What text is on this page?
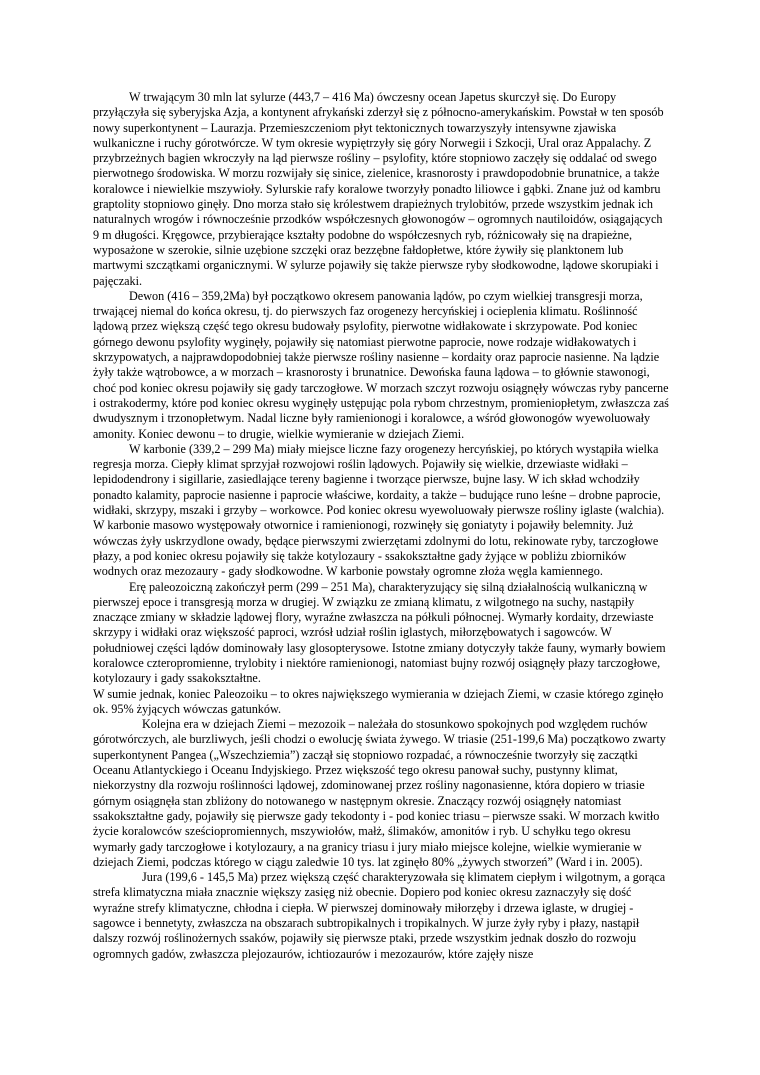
W trwającym 30 mln lat sylurze (443,7 – 416 Ma) ówczesny ocean Japetus skurczył się. Do Europy przyłączyła się syberyjska Azja, a kontynent afrykański zderzył się z północno-amerykańskim. Powstał w ten sposób nowy superkontynent – Laurazja. Przemieszczeniom płyt tektonicznych towarzyszyły intensywne zjawiska wulkaniczne i ruchy górotwórcze. W tym okresie wypiętrzyły się góry Norwegii i Szkocji, Ural oraz Appalachy. Z przybrzeżnych bagien wkroczyły na ląd pierwsze rośliny – psylofity, które stopniowo zaczęły się oddalać od swego pierwotnego środowiska. W morzu rozwijały się sinice, zielenice, krasnorosty i prawdopodobnie brunatnice, a także koralowce i niewielkie mszywioły. Sylurskie rafy koralowe tworzyły ponadto liliowce i gąbki. Znane już od kambru graptolity stopniowo ginęły. Dno morza stało się królestwem drapieżnych trylobitów, przede wszystkim jednak ich naturalnych wrogów i równocześnie przodków współczesnych głowonogów – ogromnych nautiloidów, osiągających 9 m długości. Kręgowce, przybierające kształty podobne do współczesnych ryb, różnicowały się na drapieżne, wyposażone w szerokie, silnie uzębione szczęki oraz bezzębne fałdopłetwe, które żywiły się planktonem lub martwymi szczątkami organicznymi. W sylurze pojawiły się także pierwsze ryby słodkowodne, lądowe skorupiaki i pajęczaki.

Dewon (416 – 359,2Ma) był początkowo okresem panowania lądów, po czym wielkiej transgresji morza, trwającej niemal do końca okresu, tj. do pierwszych faz orogenezy hercyńskiej i ocieplenia klimatu. Roślinność lądową przez większą część tego okresu budowały psylofity, pierwotne widłakowate i skrzypowate. Pod koniec górnego dewonu psylofity wyginęły, pojawiły się natomiast pierwotne paprocie, nowe rodzaje widłakowatych i skrzypowatych, a najprawdopodobniej także pierwsze rośliny nasienne – kordaity oraz paprocie nasienne. Na lądzie żyły także wątrobowce, a w morzach – krasnorosty i brunatnice. Dewońska fauna lądowa – to głównie stawonogi, choć pod koniec okresu pojawiły się gady tarczogłowe. W morzach szczyt rozwoju osiągnęły wówczas ryby pancerne i ostrakodermy, które pod koniec okresu wyginęły ustępując pola rybom chrzestnym, promieniopłetym, zwłaszcza zaś dwudysznym i trzonopłetwym. Nadal liczne były ramienionogi i koralowce, a wśród głowonogów wyewoluowały amonity. Koniec dewonu – to drugie, wielkie wymieranie w dziejach Ziemi.

W karbonie (339,2 – 299 Ma) miały miejsce liczne fazy orogenezy hercyńskiej, po których wystąpiła wielka regresja morza. Ciepły klimat sprzyjał rozwojowi roślin lądowych. Pojawiły się wielkie, drzewiaste widłaki – lepidodendrony i sigillarie, zasiedlające tereny bagienne i tworzące pierwsze, bujne lasy. W ich skład wchodziły ponadto kalamity, paprocie nasienne i paprocie właściwe, kordaity, a także – budujące runo leśne – drobne paprocie, widłaki, skrzypy, mszaki i grzyby – workowce. Pod koniec okresu wyewoluowały pierwsze rośliny iglaste (walchia). W karbonie masowo występowały otwornice i ramienionogi, rozwinęły się goniatyty i pojawiły belemnity. Już wówczas żyły uskrzydlone owady, będące pierwszymi zwierzętami zdolnymi do lotu, rekinowate ryby, tarczogłowe płazy, a pod koniec okresu pojawiły się także kotylozaury - ssakokształtne gady żyjące w pobliżu zbiorników wodnych oraz mezozaury - gady słodkowodne. W karbonie powstały ogromne złoża węgla kamiennego.

Erę paleozoiczną zakończył perm (299 – 251 Ma), charakteryzujący się silną działalnością wulkaniczną w pierwszej epoce i transgresją morza w drugiej. W związku ze zmianą klimatu, z wilgotnego na suchy, nastąpiły znaczące zmiany w składzie lądowej flory, wyraźne zwłaszcza na półkuli północnej. Wymarły kordaity, drzewiaste skrzypy i widłaki oraz większość paproci, wzrósł udział roślin iglastych, miłorzębowatych i sagowców. W południowej części lądów dominowały lasy glosopterysowe. Istotne zmiany dotyczyły także fauny, wymarły bowiem koralowce czteropromienne, trylobity i niektóre ramienionogi, natomiast bujny rozwój osiągnęły płazy tarczogłowe, kotylozaury i gady ssakokształtne.

W sumie jednak, koniec Paleozoiku – to okres największego wymierania w dziejach Ziemi, w czasie którego zginęło ok. 95% żyjących wówczas gatunków.

Kolejna era w dziejach Ziemi – mezozoik – należała do stosunkowo spokojnych pod względem ruchów górotwórczych, ale burzliwych, jeśli chodzi o ewolucję świata żywego. W triasie (251-199,6 Ma) początkowo zwarty superkontynent Pangea („Wszechziemia”) zaczął się stopniowo rozpadać, a równocześnie tworzyły się zaczątki Oceanu Atlantyckiego i Oceanu Indyjskiego. Przez większość tego okresu panował suchy, pustynny klimat, niekorzystny dla rozwoju roślinności lądowej, zdominowanej przez rośliny nagonasienne, która dopiero w triasie górnym osiągnęła stan zbliżony do notowanego w następnym okresie. Znaczący rozwój osiągnęły natomiast ssakokształtne gady, pojawiły się pierwsze gady tekodonty i - pod koniec triasu – pierwsze ssaki. W morzach kwitło życie koralowców sześciopromiennych, mszywiołów, małż, ślimaków, amonitów i ryb. U schyłku tego okresu wymarły gady tarczogłowe i kotylozaury, a na granicy triasu i jury miało miejsce kolejne, wielkie wymieranie w dziejach Ziemi, podczas którego w ciągu zaledwie 10 tys. lat zginęło 80% „żywych stworzeń” (Ward i in. 2005).

Jura (199,6 - 145,5 Ma) przez większą część charakteryzowała się klimatem ciepłym i wilgotnym, a gorąca strefa klimatyczna miała znacznie większy zasięg niż obecnie. Dopiero pod koniec okresu zaznaczyły się dość wyraźne strefy klimatyczne, chłodna i ciepła. W pierwszej dominowały miłorzęby i drzewa iglaste, w drugiej - sagowce i bennetyty, zwłaszcza na obszarach subtropikalnych i tropikalnych. W jurze żyły ryby i płazy, nastąpił dalszy rozwój roślinożernych ssaków, pojawiły się pierwsze ptaki, przede wszystkim jednak doszło do rozwoju ogromnych gadów, zwłaszcza plejozaurów, ichtiozaurów i mezozaurów, które zajęły nisze
